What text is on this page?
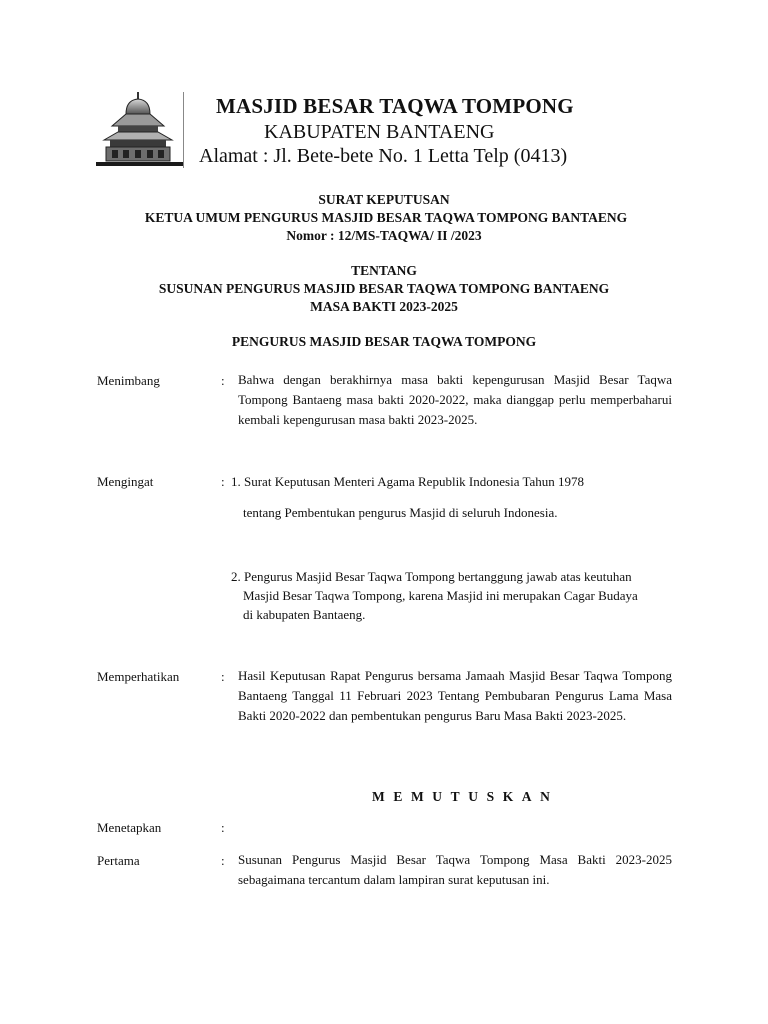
MASJID BESAR TAQWA TOMPONG
KABUPATEN BANTAENG
Alamat : Jl. Bete-bete No. 1 Letta Telp (0413)
SURAT KEPUTUSAN
KETUA UMUM PENGURUS MASJID BESAR TAQWA TOMPONG BANTAENG
Nomor : 12/MS-TAQWA/ II /2023
TENTANG
SUSUNAN PENGURUS MASJID BESAR TAQWA TOMPONG BANTAENG
MASA BAKTI 2023-2025
PENGURUS MASJID BESAR TAQWA TOMPONG
Menimbang	: Bahwa dengan berakhirnya masa bakti kepengurusan Masjid Besar Taqwa Tompong Bantaeng masa bakti 2020-2022, maka dianggap perlu memperbaharui kembali kepengurusan masa bakti 2023-2025.
Mengingat	: 1. Surat Keputusan Menteri Agama Republik Indonesia Tahun 1978
tentang Pembentukan pengurus Masjid di seluruh Indonesia.
2. Pengurus Masjid Besar Taqwa Tompong bertanggung jawab atas keutuhan
Masjid Besar Taqwa Tompong, karena Masjid ini merupakan Cagar Budaya
di kabupaten Bantaeng.
Memperhatikan	: Hasil Keputusan Rapat Pengurus bersama Jamaah Masjid Besar Taqwa Tompong Bantaeng Tanggal 11 Februari 2023 Tentang Pembubaran Pengurus Lama Masa Bakti 2020-2022 dan pembentukan pengurus Baru Masa Bakti 2023-2025.
MEMUTUSKAN
Menetapkan	:
Pertama	: Susunan Pengurus Masjid Besar Taqwa Tompong Masa Bakti 2023-2025 sebagaimana tercantum dalam lampiran surat keputusan ini.
